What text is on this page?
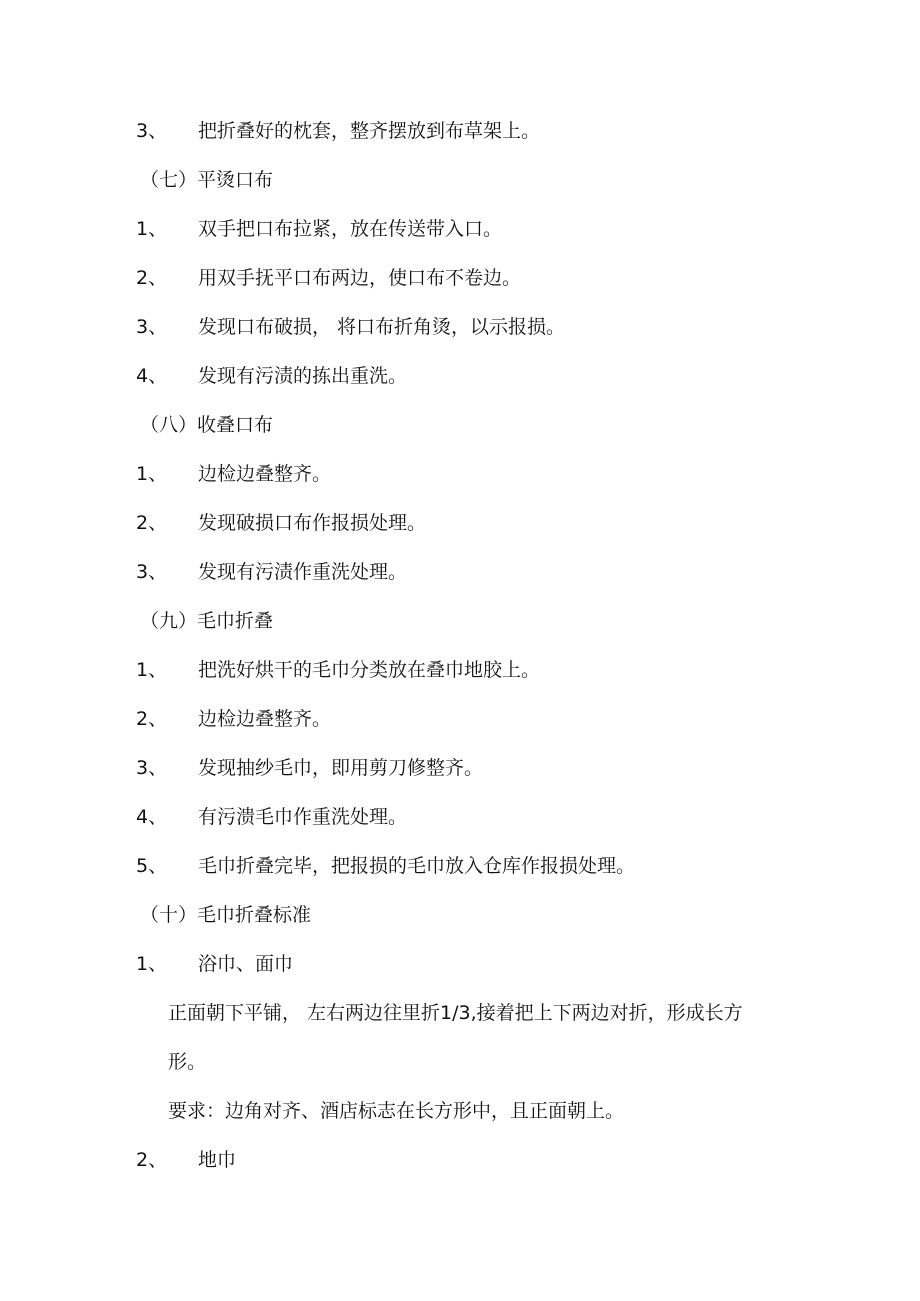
3、 把折叠好的枕套，整齐摆放到布草架上。
（七）平烫口布
1、 双手把口布拉紧，放在传送带入口。
2、 用双手抚平口布两边，使口布不卷边。
3、 发现口布破损， 将口布折角烫，以示报损。
4、 发现有污渍的拣出重洗。
（八）收叠口布
1、 边检边叠整齐。
2、 发现破损口布作报损处理。
3、 发现有污渍作重洗处理。
（九）毛巾折叠
1、 把洗好烘干的毛巾分类放在叠巾地胶上。
2、 边检边叠整齐。
3、 发现抽纱毛巾，即用剪刀修整齐。
4、 有污溃毛巾作重洗处理。
5、 毛巾折叠完毕，把报损的毛巾放入仓库作报损处理。
（十）毛巾折叠标准
1、 浴巾、面巾
正面朝下平铺， 左右两边往里折1/3,接着把上下两边对折，形成长方
形。
要求：边角对齐、酒店标志在长方形中，且正面朝上。
2、 地巾
